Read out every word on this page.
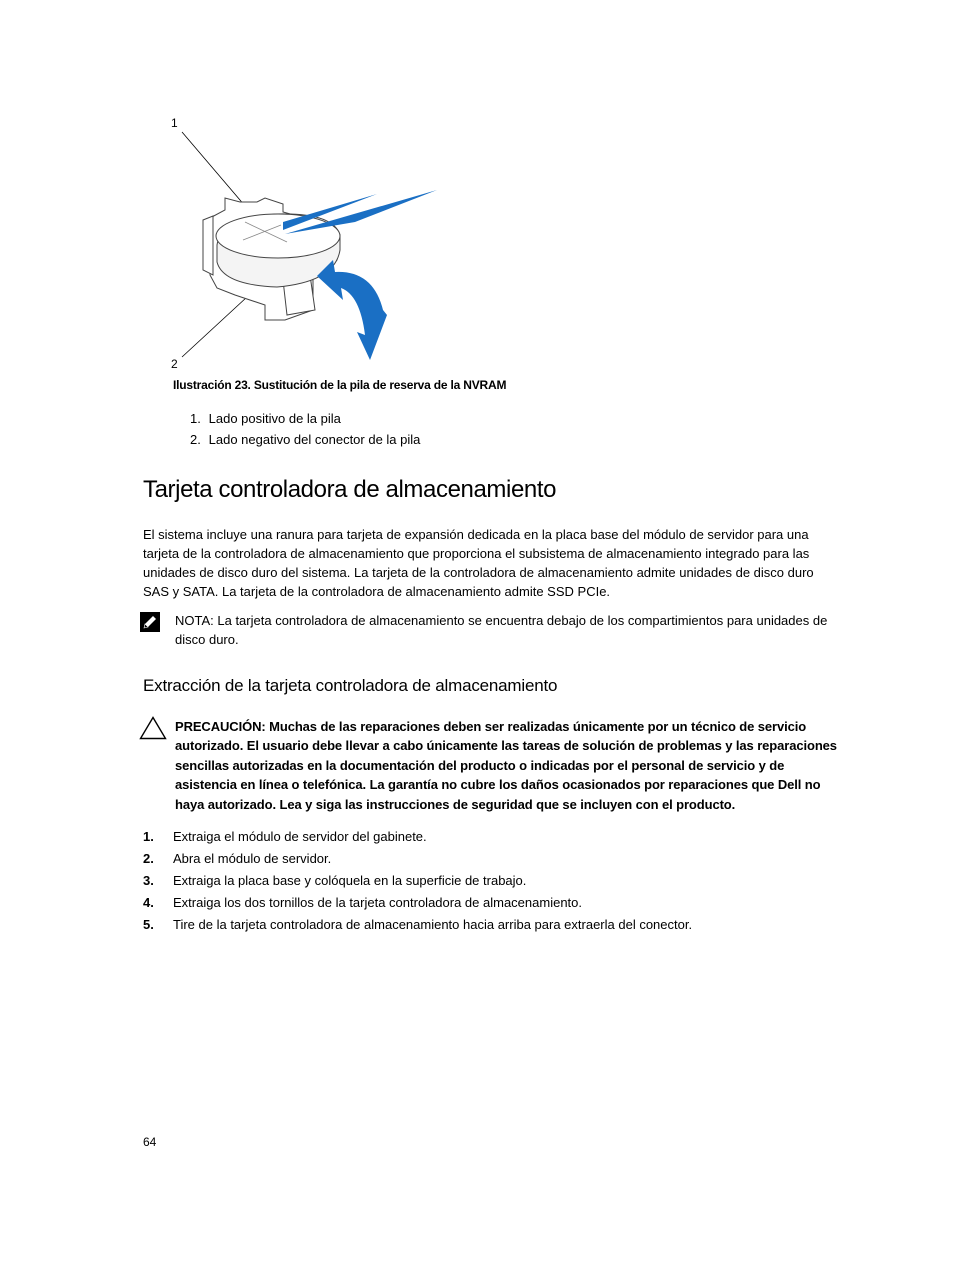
1
2
Ilustración 23. Sustitución de la pila de reserva de la NVRAM
1. Lado positivo de la pila
2. Lado negativo del conector de la pila
Tarjeta controladora de almacenamiento
El sistema incluye una ranura para tarjeta de expansión dedicada en la placa base del módulo de servidor para una tarjeta de la controladora de almacenamiento que proporciona el subsistema de almacenamiento integrado para las unidades de disco duro del sistema. La tarjeta de la controladora de almacenamiento admite unidades de disco duro SAS y SATA. La tarjeta de la controladora de almacenamiento admite SSD PCIe.
NOTA: La tarjeta controladora de almacenamiento se encuentra debajo de los compartimientos para unidades de disco duro.
Extracción de la tarjeta controladora de almacenamiento
PRECAUCIÓN: Muchas de las reparaciones deben ser realizadas únicamente por un técnico de servicio autorizado. El usuario debe llevar a cabo únicamente las tareas de solución de problemas y las reparaciones sencillas autorizadas en la documentación del producto o indicadas por el personal de servicio y de asistencia en línea o telefónica. La garantía no cubre los daños ocasionados por reparaciones que Dell no haya autorizado. Lea y siga las instrucciones de seguridad que se incluyen con el producto.
1. Extraiga el módulo de servidor del gabinete.
2. Abra el módulo de servidor.
3. Extraiga la placa base y colóquela en la superficie de trabajo.
4. Extraiga los dos tornillos de la tarjeta controladora de almacenamiento.
5. Tire de la tarjeta controladora de almacenamiento hacia arriba para extraerla del conector.
64
